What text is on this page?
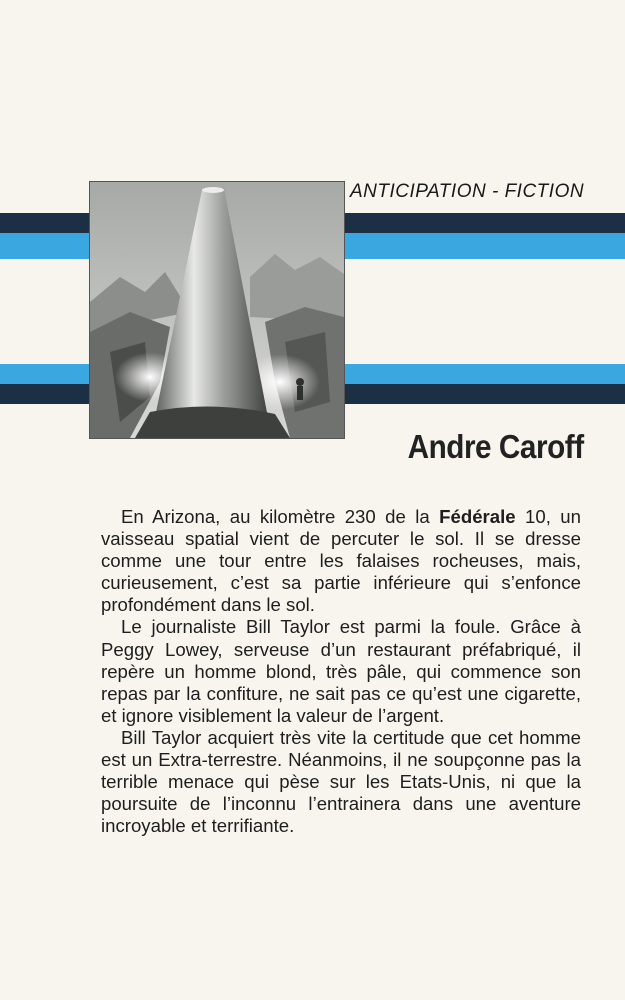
ANTICIPATION - FICTION
Andre Caroff

En Arizona, au kilomètre 230 de la Fédérale 10, un vaisseau spatial vient de percuter le sol. Il se dresse comme une tour entre les falaises rocheuses, mais, curieusement, c’est sa partie inférieure qui s’enfonce profondément dans le sol.

Le journaliste Bill Taylor est parmi la foule. Grâce à Peggy Lowey, serveuse d’un restaurant préfabriqué, il repère un homme blond, très pâle, qui commence son repas par la confiture, ne sait pas ce qu’est une cigarette, et ignore visiblement la valeur de l’argent.

Bill Taylor acquiert très vite la certitude que cet homme est un Extra-terrestre. Néanmoins, il ne soupçonne pas la terrible menace qui pèse sur les Etats-Unis, ni que la poursuite de l’inconnu l’entrainera dans une aventure incroyable et terrifiante.
